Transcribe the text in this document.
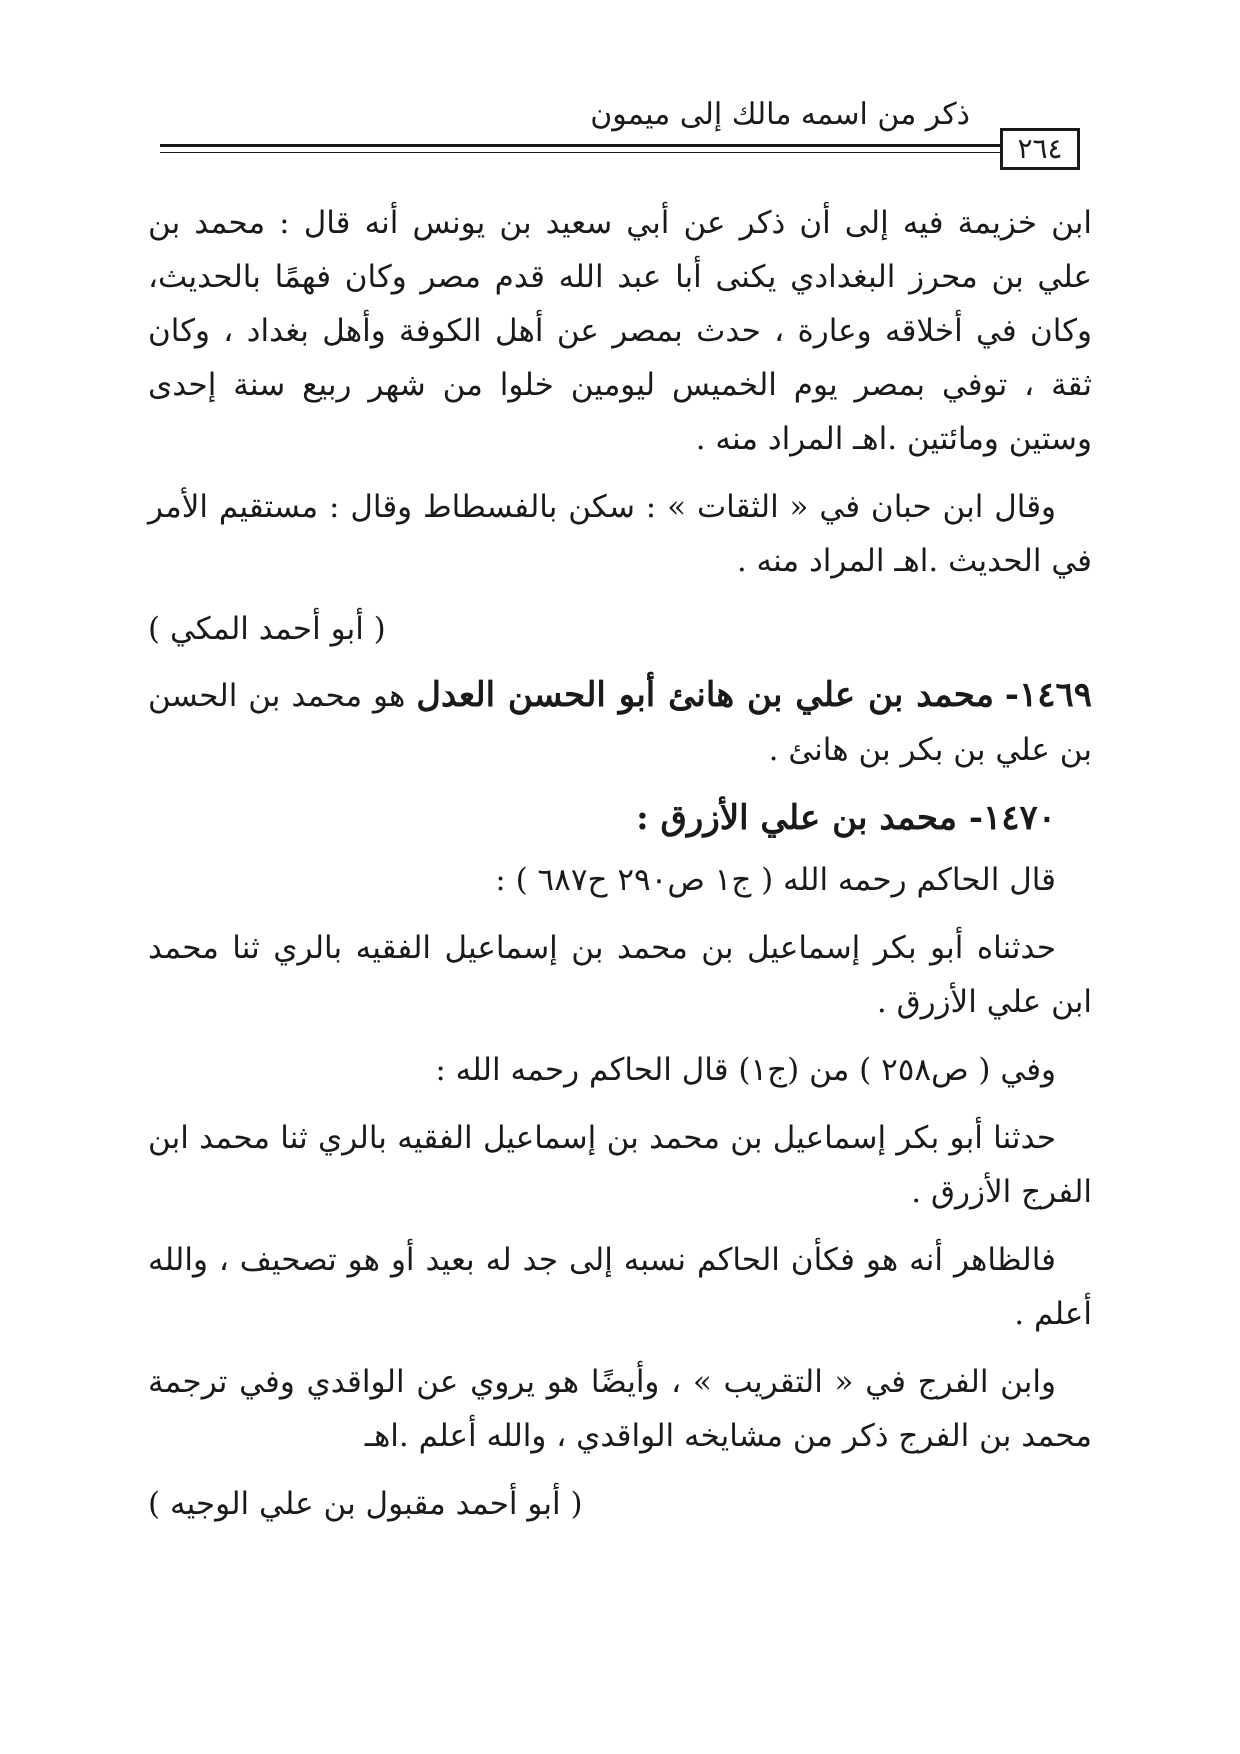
ذكر من اسمه مالك إلى ميمون
٢٦٤

ابن خزيمة فيه إلى أن ذكر عن أبي سعيد بن يونس أنه قال : محمد بن علي بن محرز البغدادي يكنى أبا عبد الله قدم مصر وكان فهمًا بالحديث، وكان في أخلاقه وعارة ، حدث بمصر عن أهل الكوفة وأهل بغداد ، وكان ثقة ، توفي بمصر يوم الخميس ليومين خلوا من شهر ربيع سنة إحدى وستين ومائتين .اهـ المراد منه .

وقال ابن حبان في « الثقات » : سكن بالفسطاط وقال : مستقيم الأمر في الحديث .اهـ المراد منه .

( أبو أحمد المكي )

١٤٦٩- محمد بن علي بن هانئ أبو الحسن العدل هو محمد بن الحسن بن علي بن بكر بن هانئ .

١٤٧٠- محمد بن علي الأزرق :

قال الحاكم رحمه الله ( ج١ ص٢٩٠ ح٦٨٧ ) :

حدثناه أبو بكر إسماعيل بن محمد بن إسماعيل الفقيه بالري ثنا محمد ابن علي الأزرق .

وفي ( ص٢٥٨ ) من (ج١) قال الحاكم رحمه الله :

حدثنا أبو بكر إسماعيل بن محمد بن إسماعيل الفقيه بالري ثنا محمد ابن الفرج الأزرق .

فالظاهر أنه هو فكأن الحاكم نسبه إلى جد له بعيد أو هو تصحيف ، والله أعلم .

وابن الفرج في « التقريب » ، وأيضًا هو يروي عن الواقدي وفي ترجمة محمد بن الفرج ذكر من مشايخه الواقدي ، والله أعلم .اهـ

( أبو أحمد مقبول بن علي الوجيه )
